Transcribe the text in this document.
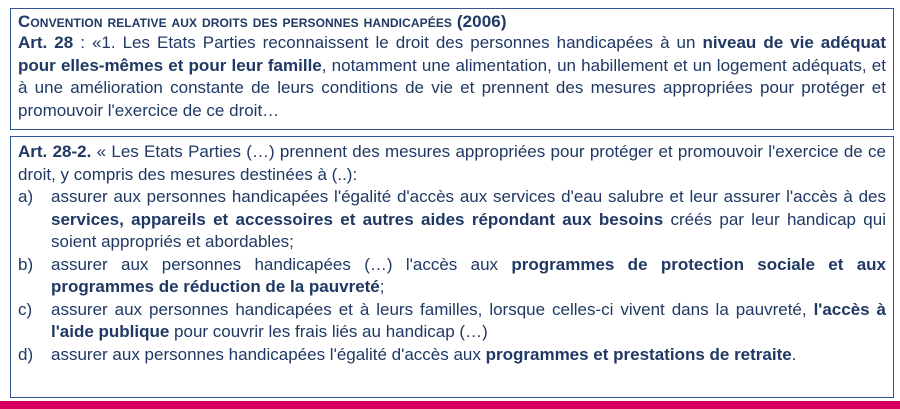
Convention relative aux droits des personnes handicapées (2006)

Art. 28 : «1. Les Etats Parties reconnaissent le droit des personnes handicapées à un niveau de vie adéquat pour elles-mêmes et pour leur famille, notamment une alimentation, un habillement et un logement adéquats, et à une amélioration constante de leurs conditions de vie et prennent des mesures appropriées pour protéger et promouvoir l'exercice de ce droit…

Art. 28-2. « Les Etats Parties (…) prennent des mesures appropriées pour protéger et promouvoir l'exercice de ce droit, y compris des mesures destinées à (..):

a)	assurer aux personnes handicapées l'égalité d'accès aux services d'eau salubre et leur assurer l'accès à des services, appareils et accessoires et autres aides répondant aux besoins créés par leur handicap qui soient appropriés et abordables;
b)	assurer aux personnes handicapées (…) l'accès aux programmes de protection sociale et aux programmes de réduction de la pauvreté;
c)	assurer aux personnes handicapées et à leurs familles, lorsque celles-ci vivent dans la pauvreté, l'accès à l'aide publique pour couvrir les frais liés au handicap (…)
d)	assurer aux personnes handicapées l'égalité d'accès aux programmes et prestations de retraite.
